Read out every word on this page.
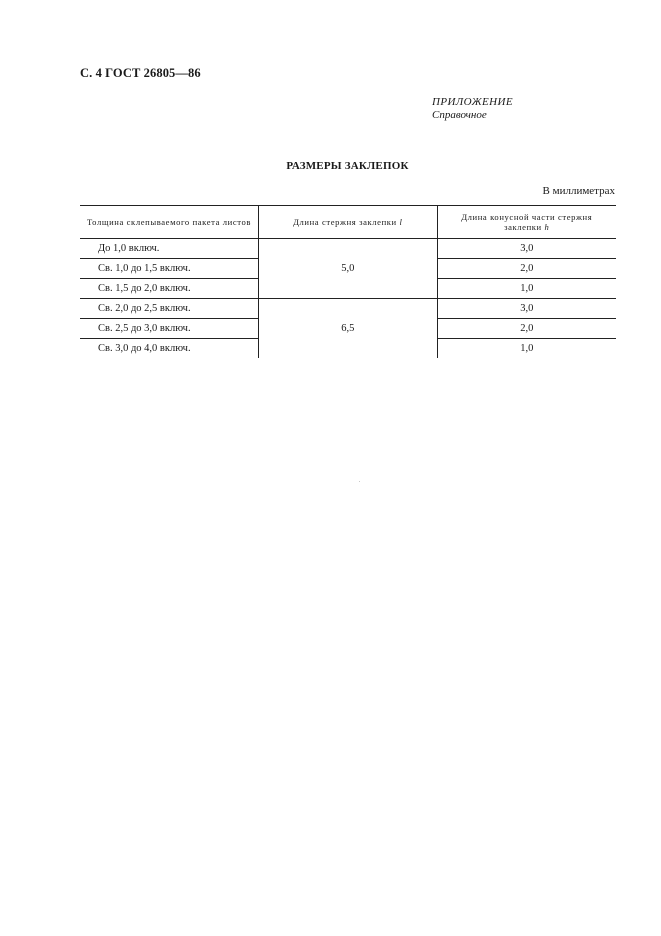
С. 4 ГОСТ 26805—86
ПРИЛОЖЕНИЕ
Справочное
РАЗМЕРЫ ЗАКЛЕПОК
В миллиметрах
Толщина склепываемого пакета листов	Длина стержня заклепки l	Длина конусной части стержня заклепки h
До 1,0 включ.	5,0	3,0
Св. 1,0 до 1,5 включ.		2,0
Св. 1,5 до 2,0 включ.		1,0
Св. 2,0 до 2,5 включ.	6,5	3,0
Св. 2,5 до 3,0 включ.		2,0
Св. 3,0 до 4,0 включ.		1,0
